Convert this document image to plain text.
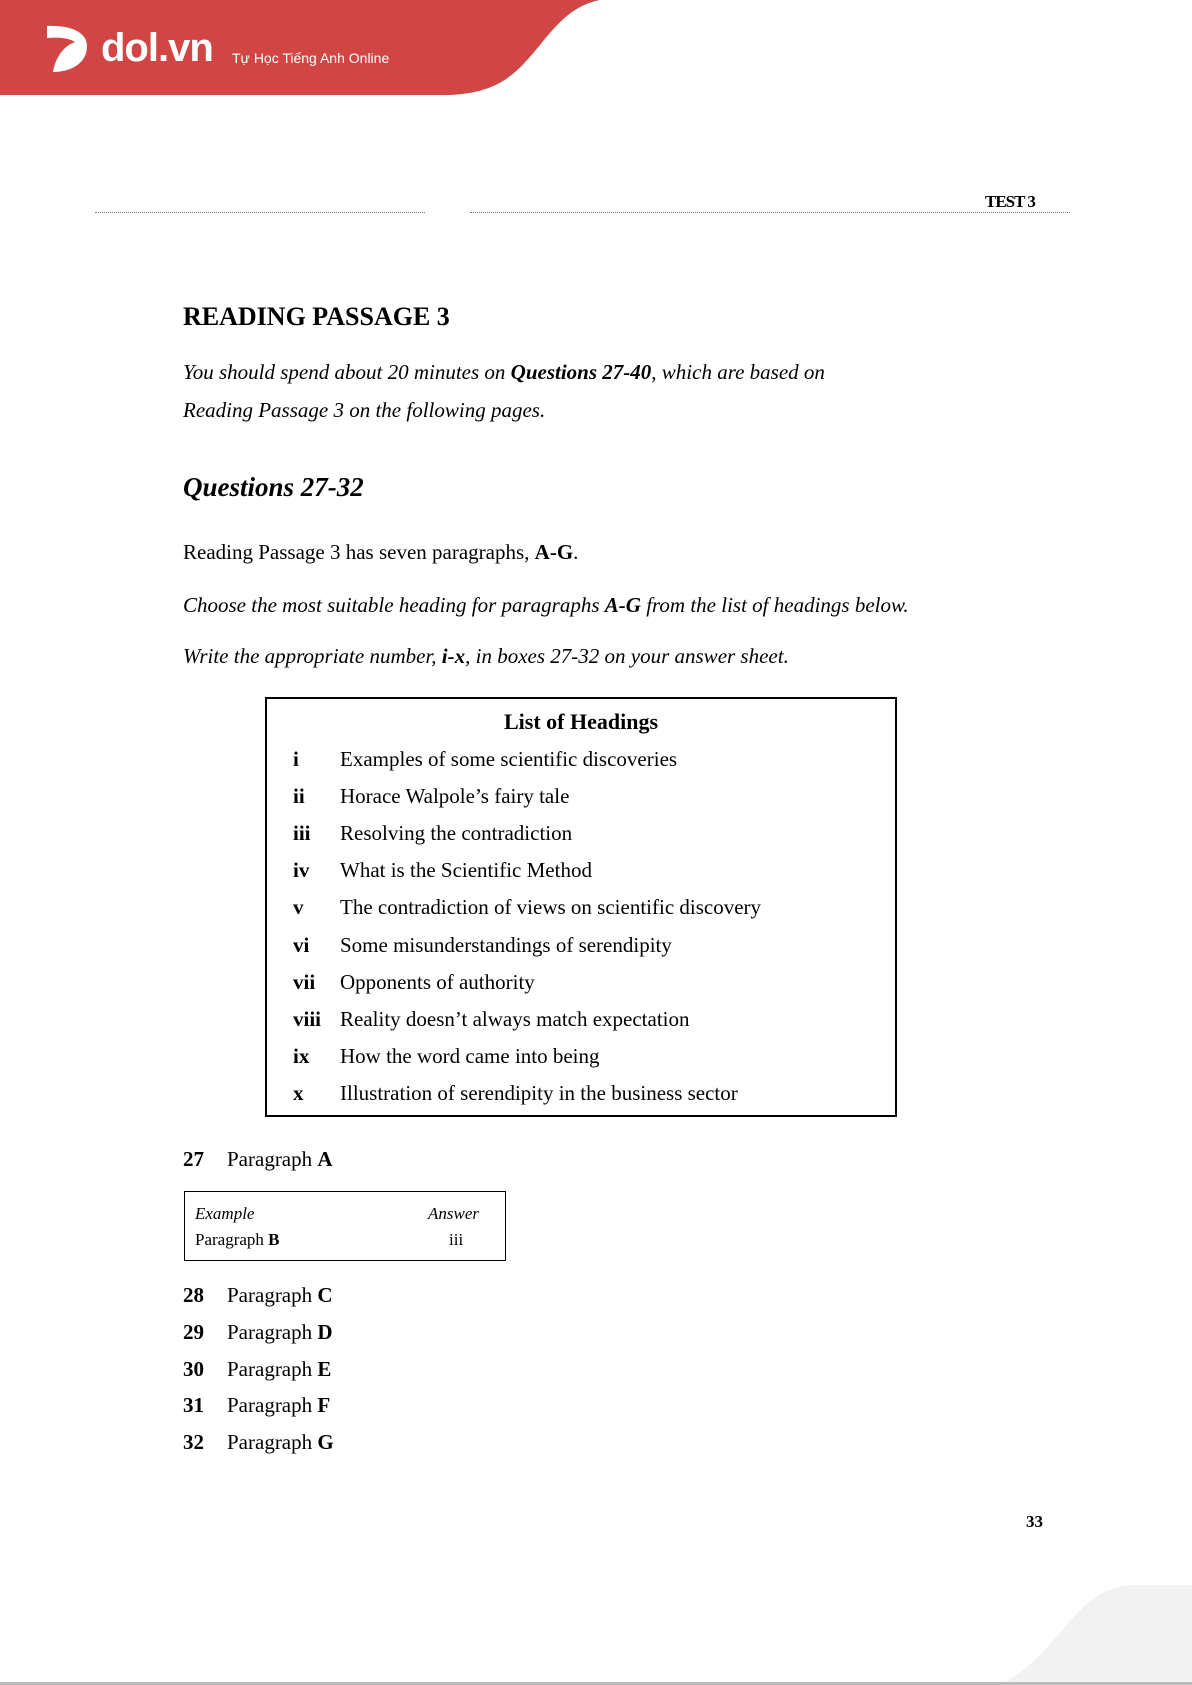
dol.vn Tự Học Tiếng Anh Online
TEST 3
READING PASSAGE 3
You should spend about 20 minutes on Questions 27-40, which are based on
Reading Passage 3 on the following pages.
Questions 27-32
Reading Passage 3 has seven paragraphs, A-G.
Choose the most suitable heading for paragraphs A-G from the list of headings below.
Write the appropriate number, i-x, in boxes 27-32 on your answer sheet.
List of Headings
i Examples of some scientific discoveries
ii Horace Walpole’s fairy tale
iii Resolving the contradiction
iv What is the Scientific Method
v The contradiction of views on scientific discovery
vi Some misunderstandings of serendipity
vii Opponents of authority
viii Reality doesn’t always match expectation
ix How the word came into being
x Illustration of serendipity in the business sector
27 Paragraph A
Example	Answer
Paragraph B	iii
28 Paragraph C
29 Paragraph D
30 Paragraph E
31 Paragraph F
32 Paragraph G
33
